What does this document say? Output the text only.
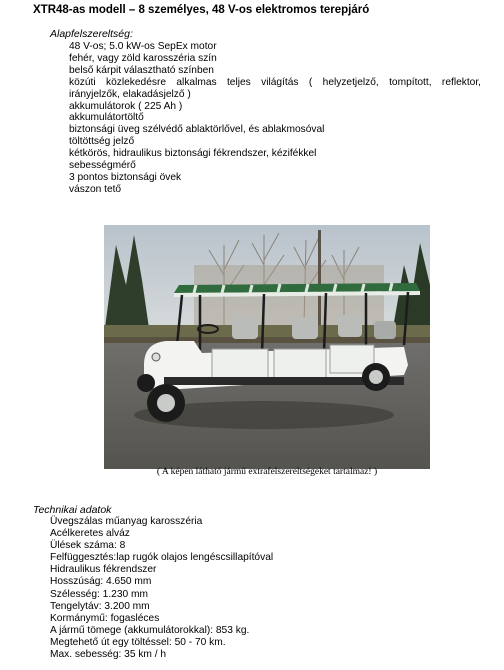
XTR48-as modell – 8 személyes, 48 V-os elektromos terepjáró
Alapfelszereltség:
48 V-os; 5.0 kW-os SepEx motor
fehér, vagy zöld karosszéria szín
belső kárpit választható színben
közúti közlekedésre alkalmas teljes világítás ( helyzetjelző, tompított, reflektor,
irányjelzők, elakadásjelző )
akkumulátorok ( 225 Ah )
akkumulátortöltő
biztonsági üveg szélvédő ablaktörlővel, és ablakmosóval
töltöttség jelző
kétkörös, hidraulikus biztonsági fékrendszer, kézifékkel
sebességmérő
3 pontos biztonsági övek
vászon tető
( A képen látható jármű extrafelszereltségeket tartalmaz! )
Technikai adatok
Üvegszálas műanyag karosszéria
Acélkeretes alváz
Ülések száma: 8
Felfüggesztés:lap rugók olajos lengéscsillapítóval
Hidraulikus fékrendszer
Hosszúság: 4.650 mm
Szélesség: 1.230 mm
Tengelytáv: 3.200 mm
Kormánymű: fogasléces
A jármű tömege (akkumulátorokkal): 853 kg.
Megtehető út egy töltéssel: 50 - 70 km.
Max. sebesség: 35 km / h
